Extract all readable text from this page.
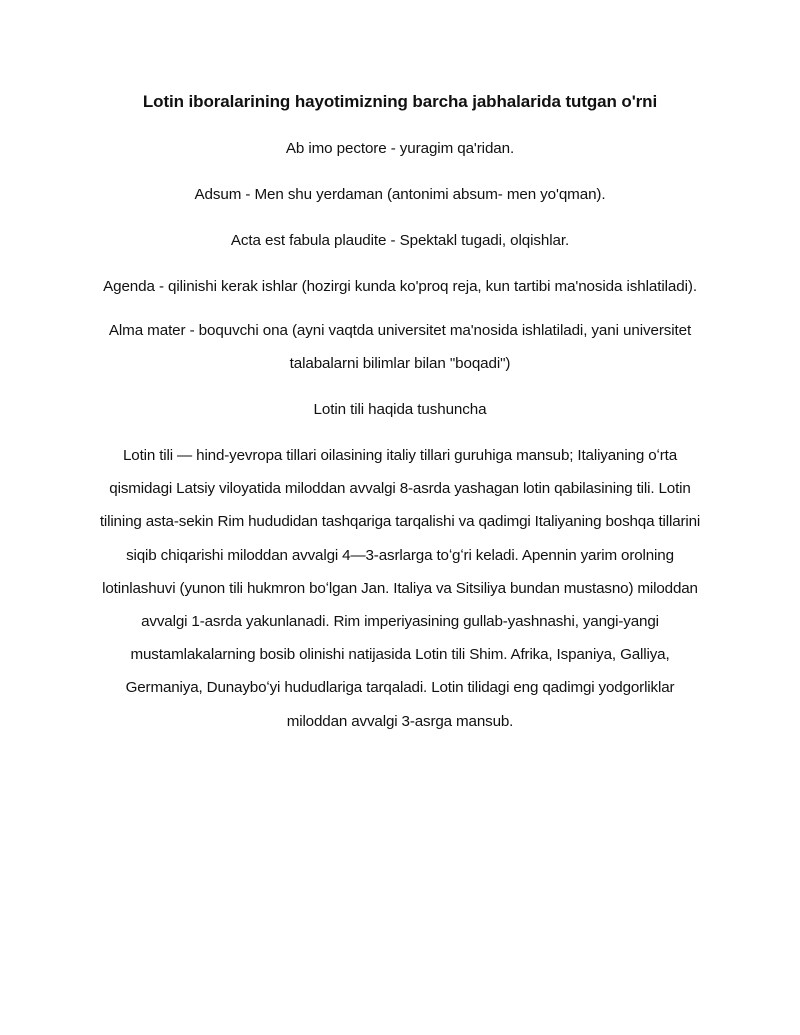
Lotin iboralarining hayotimizning barcha jabhalarida tutgan o'rni

Ab imo pectore - yuragim qa'ridan.

Adsum - Men shu yerdaman (antonimi absum- men yo'qman).

Acta est fabula plaudite - Spektakl tugadi, olqishlar.

Agenda - qilinishi kerak ishlar (hozirgi kunda ko'proq reja, kun tartibi ma'nosida ishlatiladi).

Alma mater - boquvchi ona (ayni vaqtda universitet ma'nosida ishlatiladi, yani universitet talabalarni bilimlar bilan "boqadi")

Lotin tili haqida tushuncha

Lotin tili — hind-yevropa tillari oilasining italiy tillari guruhiga mansub; Italiyaning oʻrta qismidagi Latsiy viloyatida miloddan avvalgi 8-asrda yashagan lotin qabilasining tili. Lotin tilining asta-sekin Rim hududidan tashqariga tarqalishi va qadimgi Italiyaning boshqa tillarini siqib chiqarishi miloddan avvalgi 4—3-asrlarga toʻgʻri keladi. Apennin yarim orolning lotinlashuvi (yunon tili hukmron boʻlgan Jan. Italiya va Sitsiliya bundan mustasno) miloddan avvalgi 1-asrda yakunlanadi. Rim imperiyasining gullab-yashnashi, yangi-yangi mustamlakalarning bosib olinishi natijasida Lotin tili Shim. Afrika, Ispaniya, Galliya, Germaniya, Dunayboʻyi hududlariga tarqaladi. Lotin tilidagi eng qadimgi yodgorliklar miloddan avvalgi 3-asrga mansub.
